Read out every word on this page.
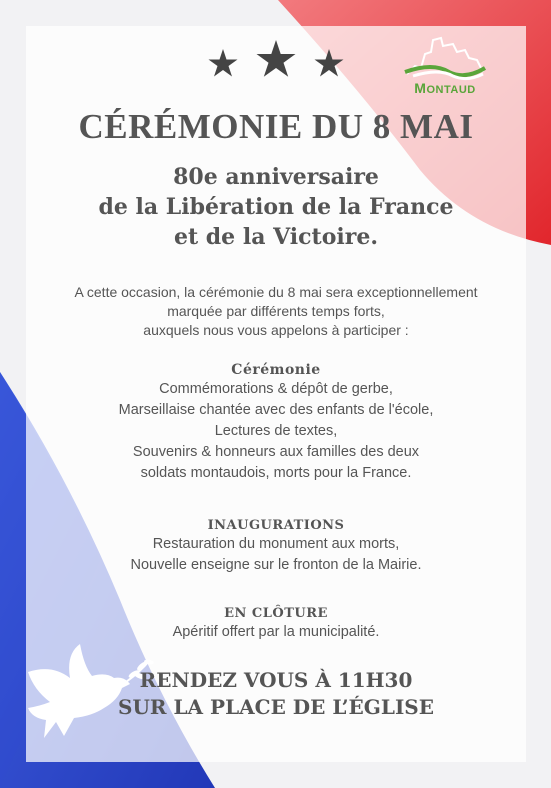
MONTAUD
CÉRÉMONIE DU 8 MAI
80e anniversaire
de la Libération de la France
et de la Victoire.
A cette occasion, la cérémonie du 8 mai sera exceptionnellement
marquée par différents temps forts,
auxquels nous vous appelons à participer :
Cérémonie
Commémorations & dépôt de gerbe,
Marseillaise chantée avec des enfants de l'école,
Lectures de textes,
Souvenirs & honneurs aux familles des deux
soldats montaudois, morts pour la France.
INAUGURATIONS
Restauration du monument aux morts,
Nouvelle enseigne sur le fronton de la Mairie.
EN CLÔTURE
Apéritif offert par la municipalité.
RENDEZ VOUS À 11H30
SUR LA PLACE DE L’ÉGLISE
